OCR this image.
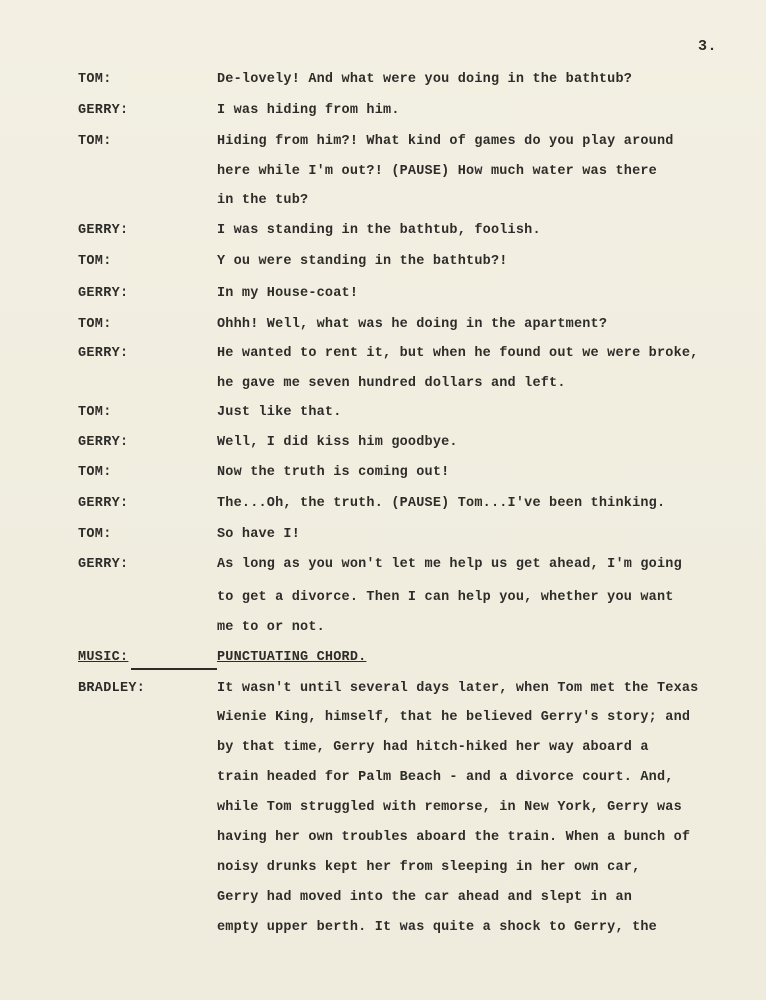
3.
TOM:	De-lovely! And what were you doing in the bathtub?
GERRY:	I was hiding from him.
TOM:	Hiding from him?! What kind of games do you play around
here while I'm out?! (PAUSE) How much water was there
in the tub?
GERRY:	I was standing in the bathtub, foolish.
TOM:	Y ou were standing in the bathtub?!
GERRY:	In my House-coat!
TOM:	Ohhh! Well, what was he doing in the apartment?
GERRY:	He wanted to rent it, but when he found out we were broke,
he gave me seven hundred dollars and left.
TOM:	Just like that.
GERRY:	Well, I did kiss him goodbye.
TOM:	Now the truth is coming out!
GERRY:	The...Oh, the truth. (PAUSE) Tom...I've been thinking.
TOM:	So have I!
GERRY:	As long as you won't let me help us get ahead, I'm going
to get a divorce. Then I can help you, whether you want
me to or not.
MUSIC:	PUNCTUATING CHORD.
BRADLEY:	It wasn't until several days later, when Tom met the Texas
Wienie King, himself, that he believed Gerry's story; and
by that time, Gerry had hitch-hiked her way aboard a
train headed for Palm Beach - and a divorce court. And,
while Tom struggled with remorse, in New York, Gerry was
having her own troubles aboard the train. When a bunch of
noisy drunks kept her from sleeping in her own car,
Gerry had moved into the car ahead and slept in an
empty upper berth. It was quite a shock to Gerry, the
